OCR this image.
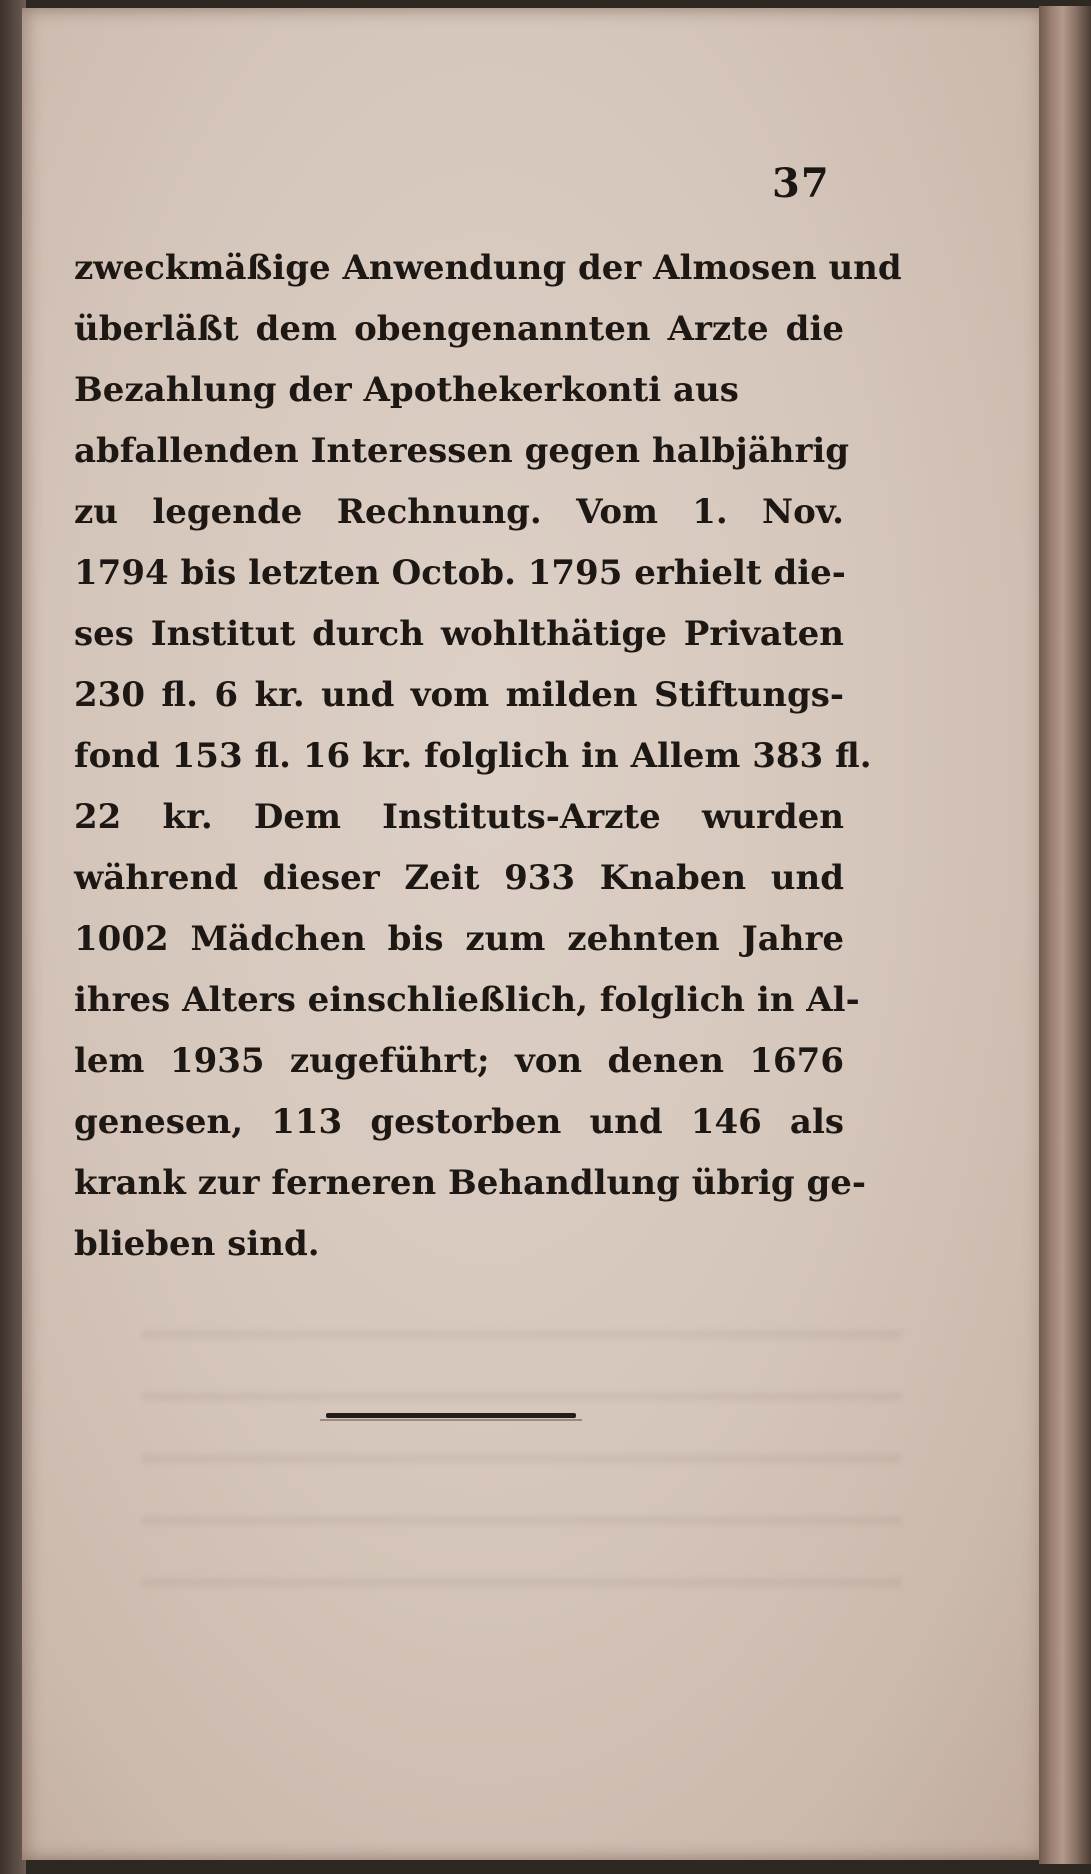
37
zweckmäßige Anwendung der Almosen und
überläßt dem obengenannten Arzte die
Bezahlung der Apothekerkonti aus
abfallenden Interessen gegen halbjährig
zu legende Rechnung. Vom 1. Nov.
1794 bis letzten Octob. 1795 erhielt die-
ses Institut durch wohlthätige Privaten
230 fl. 6 kr. und vom milden Stiftungs-
fond 153 fl. 16 kr. folglich in Allem 383 fl.
22 kr. Dem Instituts-Arzte wurden
während dieser Zeit 933 Knaben und
1002 Mädchen bis zum zehnten Jahre
ihres Alters einschließlich, folglich in Al-
lem 1935 zugeführt; von denen 1676
genesen, 113 gestorben und 146 als
krank zur ferneren Behandlung übrig ge-
blieben sind.
